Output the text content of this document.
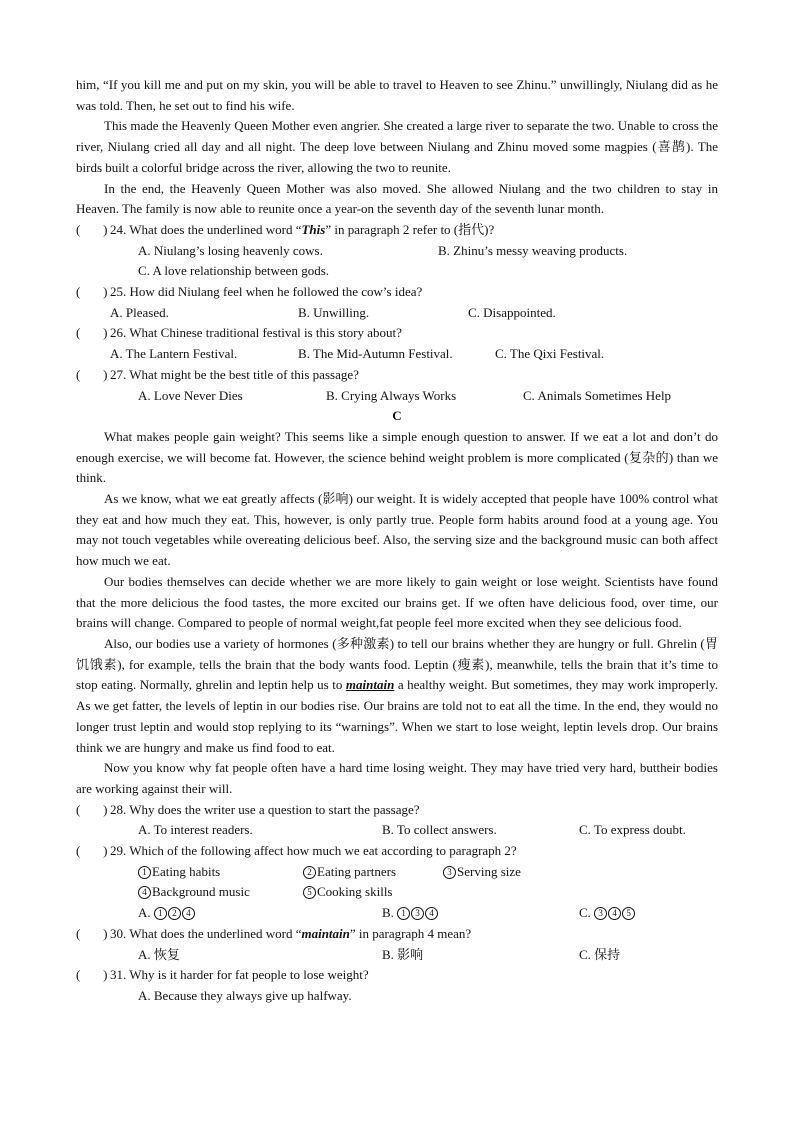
him, “If you kill me and put on my skin, you will be able to travel to Heaven to see Zhinu.” unwillingly, Niulang did as he was told. Then, he set out to find his wife.

This made the Heavenly Queen Mother even angrier. She created a large river to separate the two. Unable to cross the river, Niulang cried all day and all night. The deep love between Niulang and Zhinu moved some magpies (喜鹊). The birds built a colorful bridge across the river, allowing the two to reunite.

In the end, the Heavenly Queen Mother was also moved. She allowed Niulang and the two children to stay in Heaven. The family is now able to reunite once a year-on the seventh day of the seventh lunar month.

(       ) 24. What does the underlined word “This” in paragraph 2 refer to (指代)?
A. Niulang’s losing heavenly cows.	B. Zhinu’s messy weaving products.
C. A love relationship between gods.
(       ) 25. How did Niulang feel when he followed the cow’s idea?
A. Pleased.	B. Unwilling.	C. Disappointed.
(       ) 26. What Chinese traditional festival is this story about?
A. The Lantern Festival.	B. The Mid-Autumn Festival.	C. The Qixi Festival.
(       ) 27. What might be the best title of this passage?
A. Love Never Dies	B. Crying Always Works	C. Animals Sometimes Help
C

What makes people gain weight? This seems like a simple enough question to answer. If we eat a lot and don’t do enough exercise, we will become fat. However, the science behind weight problem is more complicated (复杂的) than we think.

As we know, what we eat greatly affects (影响) our weight. It is widely accepted that people have 100% control what they eat and how much they eat. This, however, is only partly true. People form habits around food at a young age. You may not touch vegetables while overeating delicious beef. Also, the serving size and the background music can both affect how much we eat.

Our bodies themselves can decide whether we are more likely to gain weight or lose weight. Scientists have found that the more delicious the food tastes, the more excited our brains get. If we often have delicious food, over time, our brains will change. Compared to people of normal weight,fat people feel more excited when they see delicious food.

Also, our bodies use a variety of hormones (多种激素) to tell our brains whether they are hungry or full. Ghrelin (胃饥饿素), for example, tells the brain that the body wants food. Leptin (瘦素), meanwhile, tells the brain that it’s time to stop eating. Normally, ghrelin and leptin help us to maintain a healthy weight. But sometimes, they may work improperly. As we get fatter, the levels of leptin in our bodies rise. Our brains are told not to eat all the time. In the end, they would no longer trust leptin and would stop replying to its “warnings”. When we start to lose weight, leptin levels drop. Our brains think we are hungry and make us find food to eat.

Now you know why fat people often have a hard time losing weight. They may have tried very hard, buttheir bodies are working against their will.

(       ) 28. Why does the writer use a question to start the passage?
A. To interest readers.	B. To collect answers.	C. To express doubt.
(       ) 29. Which of the following affect how much we eat according to paragraph 2?
1 Eating habits	2 Eating partners	3 Serving size
4 Background music	5 Cooking skills
A. 1 2 4	B. 1 3 4	C. 3 4 5
(       ) 30. What does the underlined word “maintain” in paragraph 4 mean?
A. 恢复	B. 影响	C. 保持
(       ) 31. Why is it harder for fat people to lose weight?
A. Because they always give up halfway.
